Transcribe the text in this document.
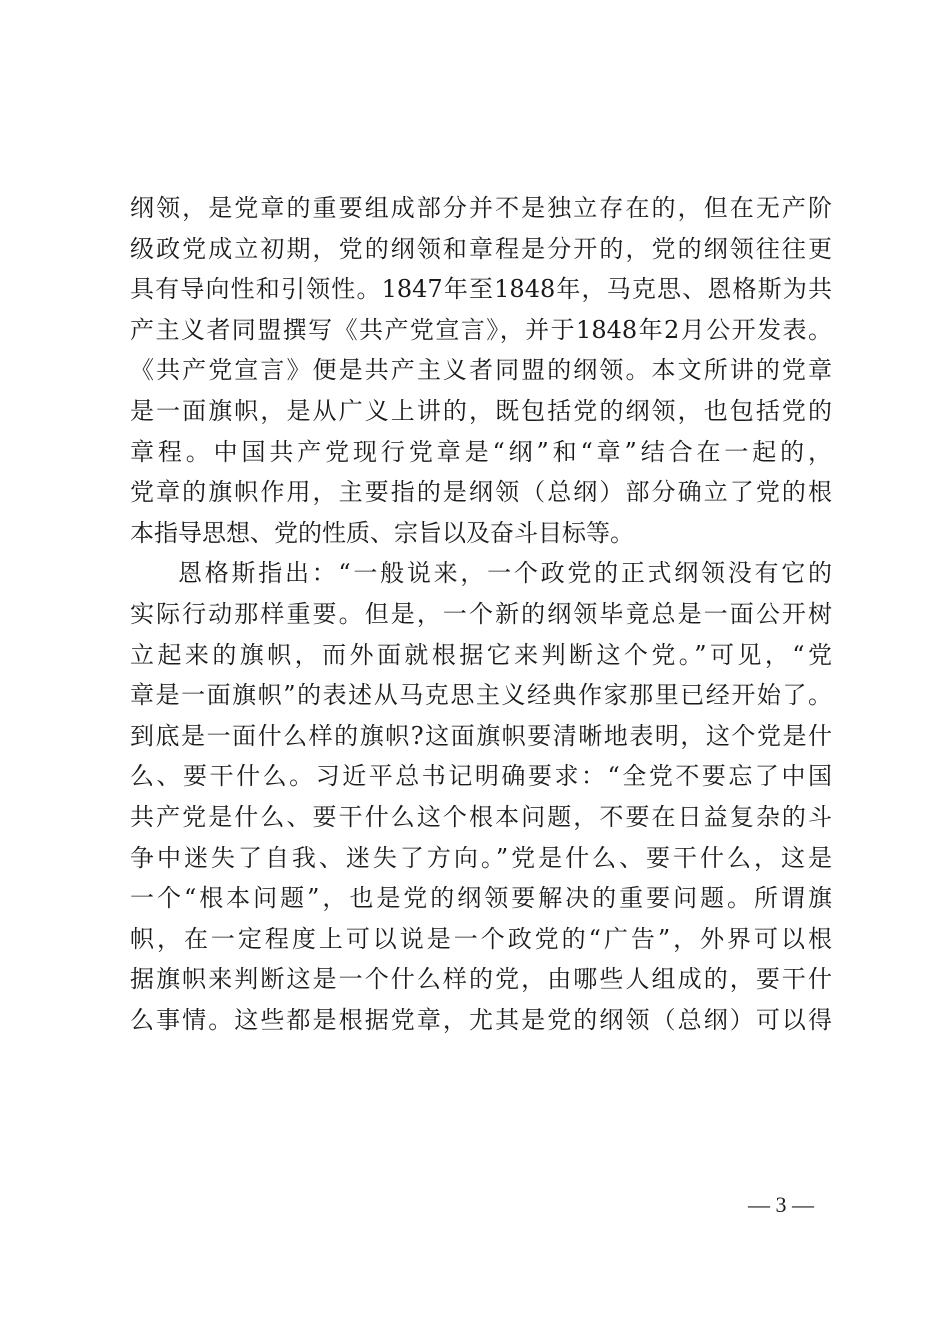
纲领，是党章的重要组成部分并不是独立存在的，但在无产阶
级政党成立初期，党的纲领和章程是分开的，党的纲领往往更
具有导向性和引领性。1847年至1848年，马克思、恩格斯为共
产主义者同盟撰写《共产党宣言》，并于1848年2月公开发表。
《共产党宣言》便是共产主义者同盟的纲领。本文所讲的党章
是一面旗帜，是从广义上讲的，既包括党的纲领，也包括党的
章程。中国共产党现行党章是“纲”和“章”结合在一起的，
党章的旗帜作用，主要指的是纲领（总纲）部分确立了党的根
本指导思想、党的性质、宗旨以及奋斗目标等。
恩格斯指出：“一般说来，一个政党的正式纲领没有它的
实际行动那样重要。但是，一个新的纲领毕竟总是一面公开树
立起来的旗帜，而外面就根据它来判断这个党。”可见，“党
章是一面旗帜”的表述从马克思主义经典作家那里已经开始了。
到底是一面什么样的旗帜?这面旗帜要清晰地表明，这个党是什
么、要干什么。习近平总书记明确要求：“全党不要忘了中国
共产党是什么、要干什么这个根本问题，不要在日益复杂的斗
争中迷失了自我、迷失了方向。”党是什么、要干什么，这是
一个“根本问题”，也是党的纲领要解决的重要问题。所谓旗
帜，在一定程度上可以说是一个政党的“广告”，外界可以根
据旗帜来判断这是一个什么样的党，由哪些人组成的，要干什
么事情。这些都是根据党章，尤其是党的纲领（总纲）可以得
— 3 —
